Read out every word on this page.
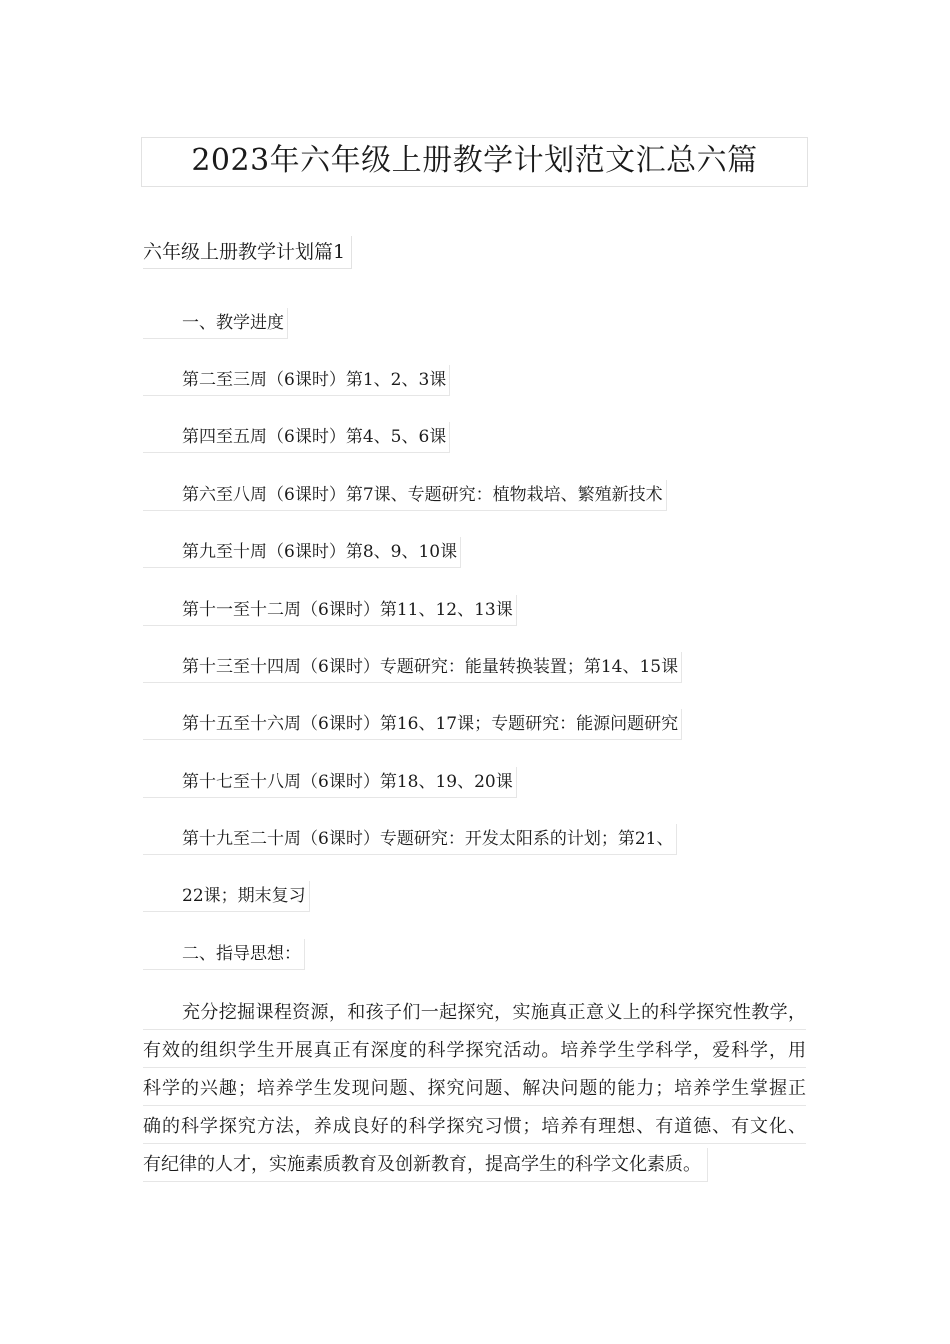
2023年六年级上册教学计划范文汇总六篇
六年级上册教学计划篇1
一、教学进度
第二至三周（6课时）第1、2、3课
第四至五周（6课时）第4、5、6课
第六至八周（6课时）第7课、专题研究：植物栽培、繁殖新技术
第九至十周（6课时）第8、9、10课
第十一至十二周（6课时）第11、12、13课
第十三至十四周（6课时）专题研究：能量转换装置；第14、15课
第十五至十六周（6课时）第16、17课；专题研究：能源问题研究
第十七至十八周（6课时）第18、19、20课
第十九至二十周（6课时）专题研究：开发太阳系的计划；第21、
22课；期末复习
二、指导思想：
充分挖掘课程资源，和孩子们一起探究，实施真正意义上的科学探究性教学，
有效的组织学生开展真正有深度的科学探究活动。培养学生学科学，爱科学，用
科学的兴趣；培养学生发现问题、探究问题、解决问题的能力；培养学生掌握正
确的科学探究方法，养成良好的科学探究习惯；培养有理想、有道德、有文化、
有纪律的人才，实施素质教育及创新教育，提高学生的科学文化素质。
